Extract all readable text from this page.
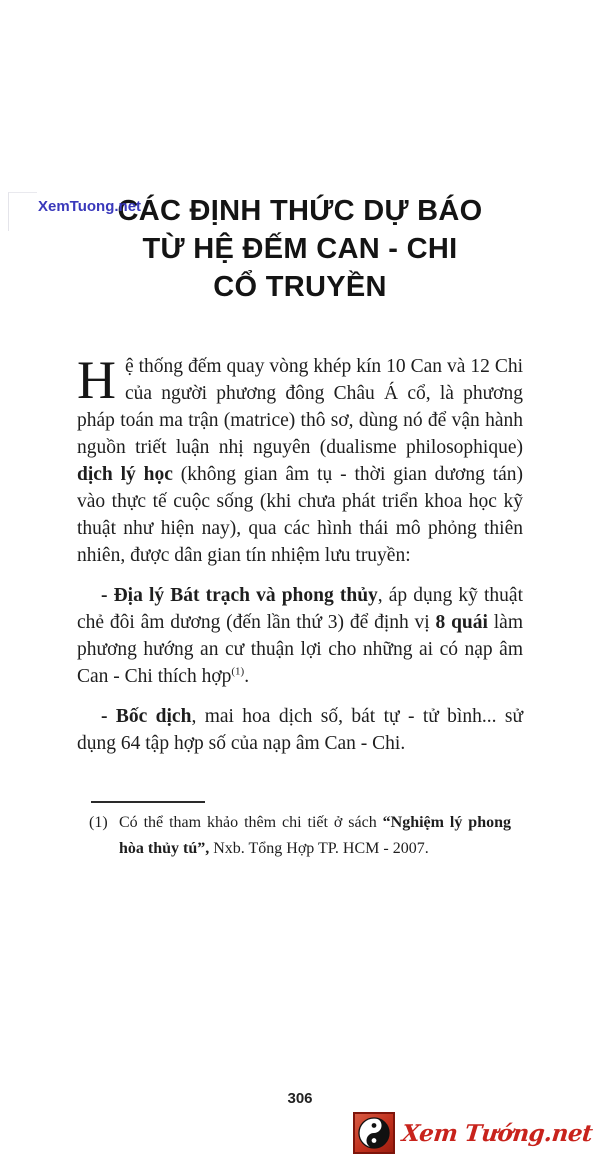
XemTuong.net
CÁC ĐỊNH THỨC DỰ BÁO
TỪ HỆ ĐẾM CAN - CHI
CỔ TRUYỀN

Hệ thống đếm quay vòng khép kín 10 Can và 12 Chi của người phương đông Châu Á cổ, là phương pháp toán ma trận (matrice) thô sơ, dùng nó để vận hành nguồn triết luận nhị nguyên (dualisme philosophique) dịch lý học (không gian âm tụ - thời gian dương tán) vào thực tế cuộc sống (khi chưa phát triển khoa học kỹ thuật như hiện nay), qua các hình thái mô phỏng thiên nhiên, được dân gian tín nhiệm lưu truyền:

- Địa lý Bát trạch và phong thủy, áp dụng kỹ thuật chẻ đôi âm dương (đến lần thứ 3) để định vị 8 quái làm phương hướng an cư thuận lợi cho những ai có nạp âm Can - Chi thích hợp$^{(1)}$.

- Bốc dịch, mai hoa dịch số, bát tự - tử bình... sử dụng 64 tập hợp số của nạp âm Can - Chi.

(1) Có thể tham khảo thêm chi tiết ở sách “Nghiệm lý phong hòa thủy tú”, Nxb. Tổng Hợp TP. HCM - 2007.
306
Xem Tướng.net
